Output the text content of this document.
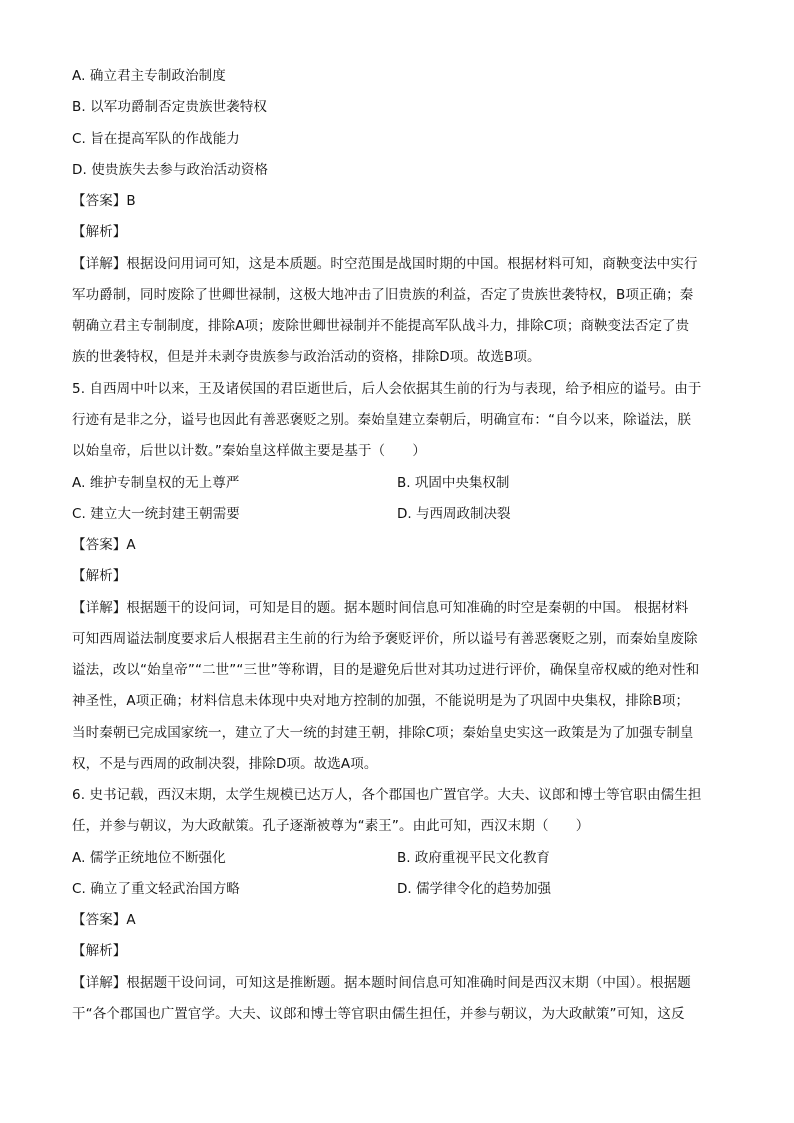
A. 确立君主专制政治制度
B. 以军功爵制否定贵族世袭特权
C. 旨在提高军队的作战能力
D. 使贵族失去参与政治活动资格
【答案】B
【解析】
【详解】根据设问用词可知，这是本质题。时空范围是战国时期的中国。根据材料可知，商鞅变法中实行
军功爵制，同时废除了世卿世禄制，这极大地冲击了旧贵族的利益，否定了贵族世袭特权，B项正确；秦
朝确立君主专制制度，排除A项；废除世卿世禄制并不能提高军队战斗力，排除C项；商鞅变法否定了贵
族的世袭特权，但是并未剥夺贵族参与政治活动的资格，排除D项。故选B项。
5. 自西周中叶以来，王及诸侯国的君臣逝世后，后人会依据其生前的行为与表现，给予相应的谥号。由于
行迹有是非之分，谥号也因此有善恶褒贬之别。秦始皇建立秦朝后，明确宣布：“自今以来，除谥法，朕
以始皇帝，后世以计数。”秦始皇这样做主要是基于（　　）
A. 维护专制皇权的无上尊严	B. 巩固中央集权制
C. 建立大一统封建王朝需要	D. 与西周政制决裂
【答案】A
【解析】
【详解】根据题干的设问词，可知是目的题。据本题时间信息可知准确的时空是秦朝的中国。 根据材料
可知西周谥法制度要求后人根据君主生前的行为给予褒贬评价，所以谥号有善恶褒贬之别，而秦始皇废除
谥法，改以“始皇帝”“二世”“三世”等称谓，目的是避免后世对其功过进行评价，确保皇帝权威的绝对性和
神圣性，A项正确；材料信息未体现中央对地方控制的加强，不能说明是为了巩固中央集权，排除B项；
当时秦朝已完成国家统一，建立了大一统的封建王朝，排除C项；秦始皇史实这一政策是为了加强专制皇
权，不是与西周的政制决裂，排除D项。故选A项。
6. 史书记载，西汉末期，太学生规模已达万人，各个郡国也广置官学。大夫、议郎和博士等官职由儒生担
任，并参与朝议，为大政献策。孔子逐渐被尊为“素王”。由此可知，西汉末期（　　）
A. 儒学正统地位不断强化	B. 政府重视平民文化教育
C. 确立了重文轻武治国方略	D. 儒学律令化的趋势加强
【答案】A
【解析】
【详解】根据题干设问词，可知这是推断题。据本题时间信息可知准确时间是西汉末期（中国）。根据题
干“各个郡国也广置官学。大夫、议郎和博士等官职由儒生担任，并参与朝议，为大政献策”可知，这反
